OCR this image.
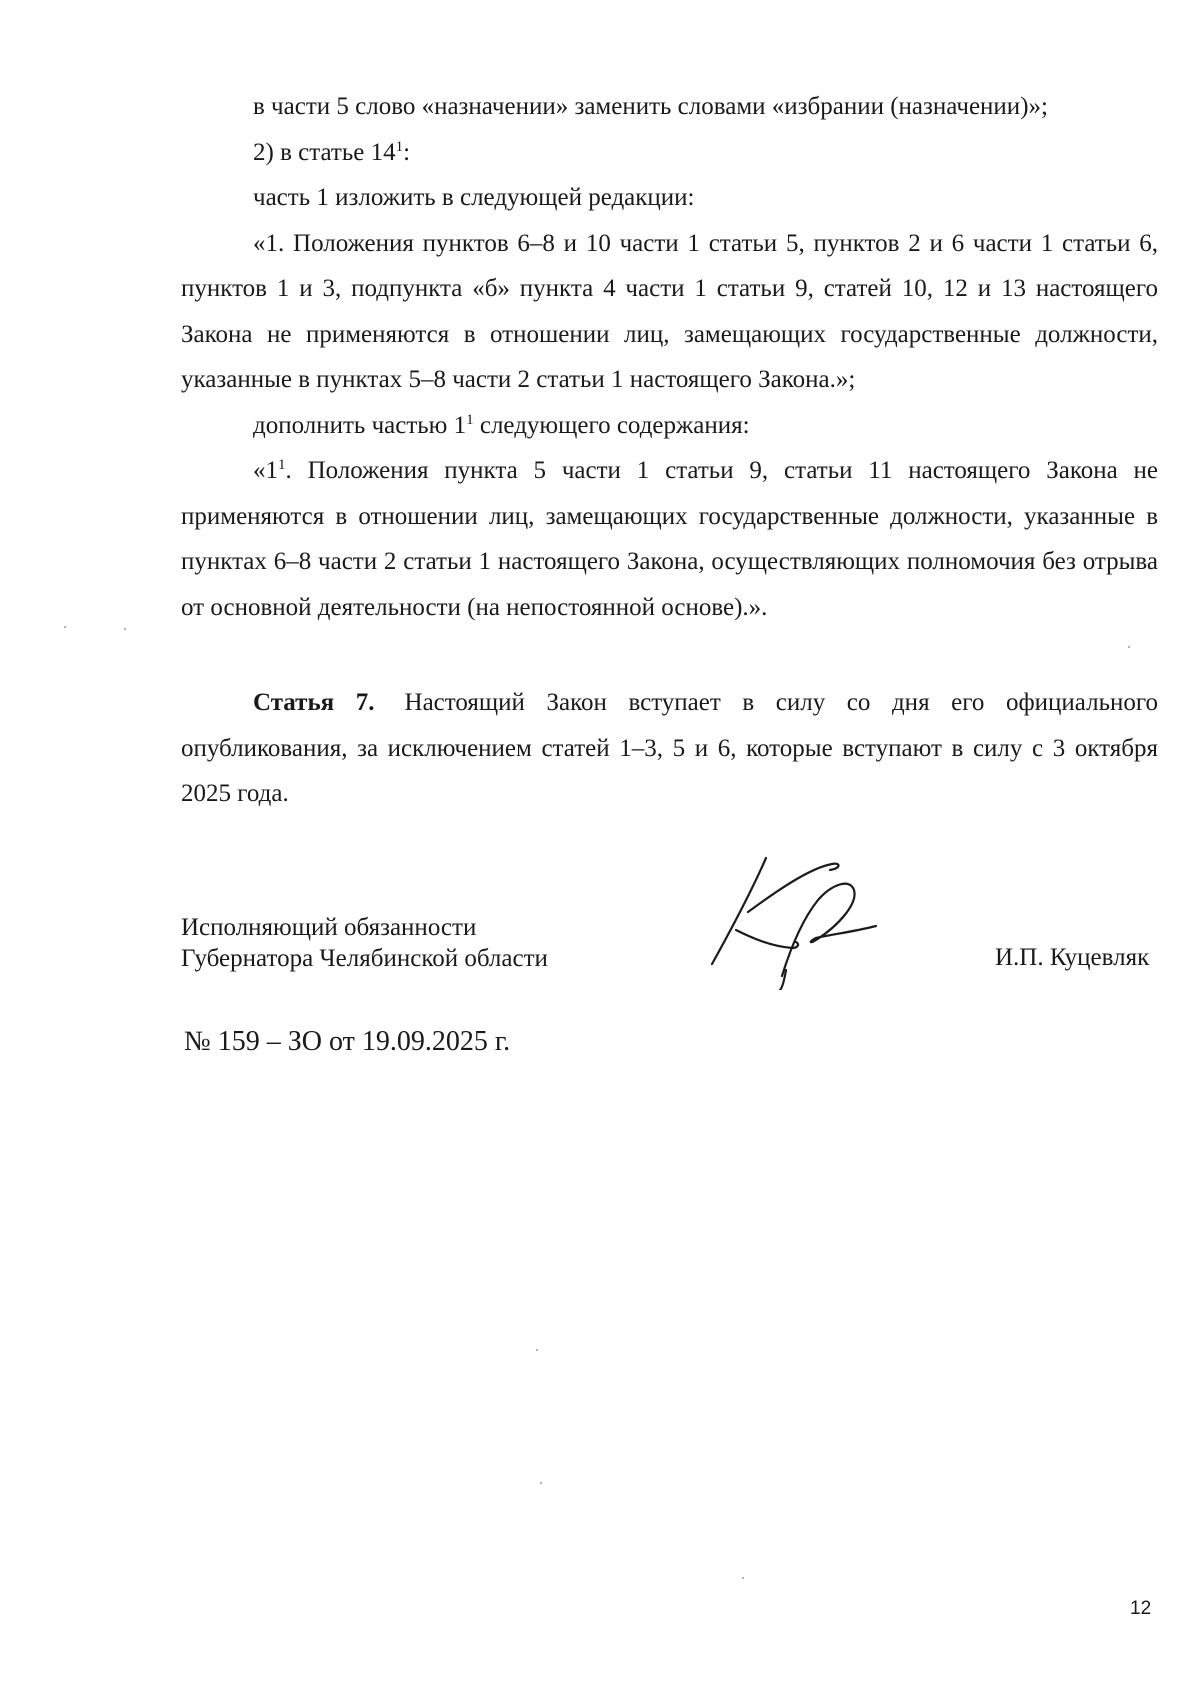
в части 5 слово «назначении» заменить словами «избрании (назначении)»;

2) в статье $14^1$:

часть 1 изложить в следующей редакции:

«1. Положения пунктов 6–8 и 10 части 1 статьи 5, пунктов 2 и 6 части 1 статьи 6, пунктов 1 и 3, подпункта «б» пункта 4 части 1 статьи 9, статей 10, 12 и 13 настоящего Закона не применяются в отношении лиц, замещающих государственные должности, указанные в пунктах 5–8 части 2 статьи 1 настоящего Закона.»;

дополнить частью $1^1$ следующего содержания:

«$1^1$. Положения пункта 5 части 1 статьи 9, статьи 11 настоящего Закона не применяются в отношении лиц, замещающих государственные должности, указанные в пунктах 6–8 части 2 статьи 1 настоящего Закона, осуществляющих полномочия без отрыва от основной деятельности (на непостоянной основе).».

Статья 7. Настоящий Закон вступает в силу со дня его официального опубликования, за исключением статей 1–3, 5 и 6, которые вступают в силу с 3 октября 2025 года.
Исполняющий обязанности
Губернатора Челябинской области	И.П. Куцевляк
№ 159 – ЗО от 19.09.2025 г.
12
